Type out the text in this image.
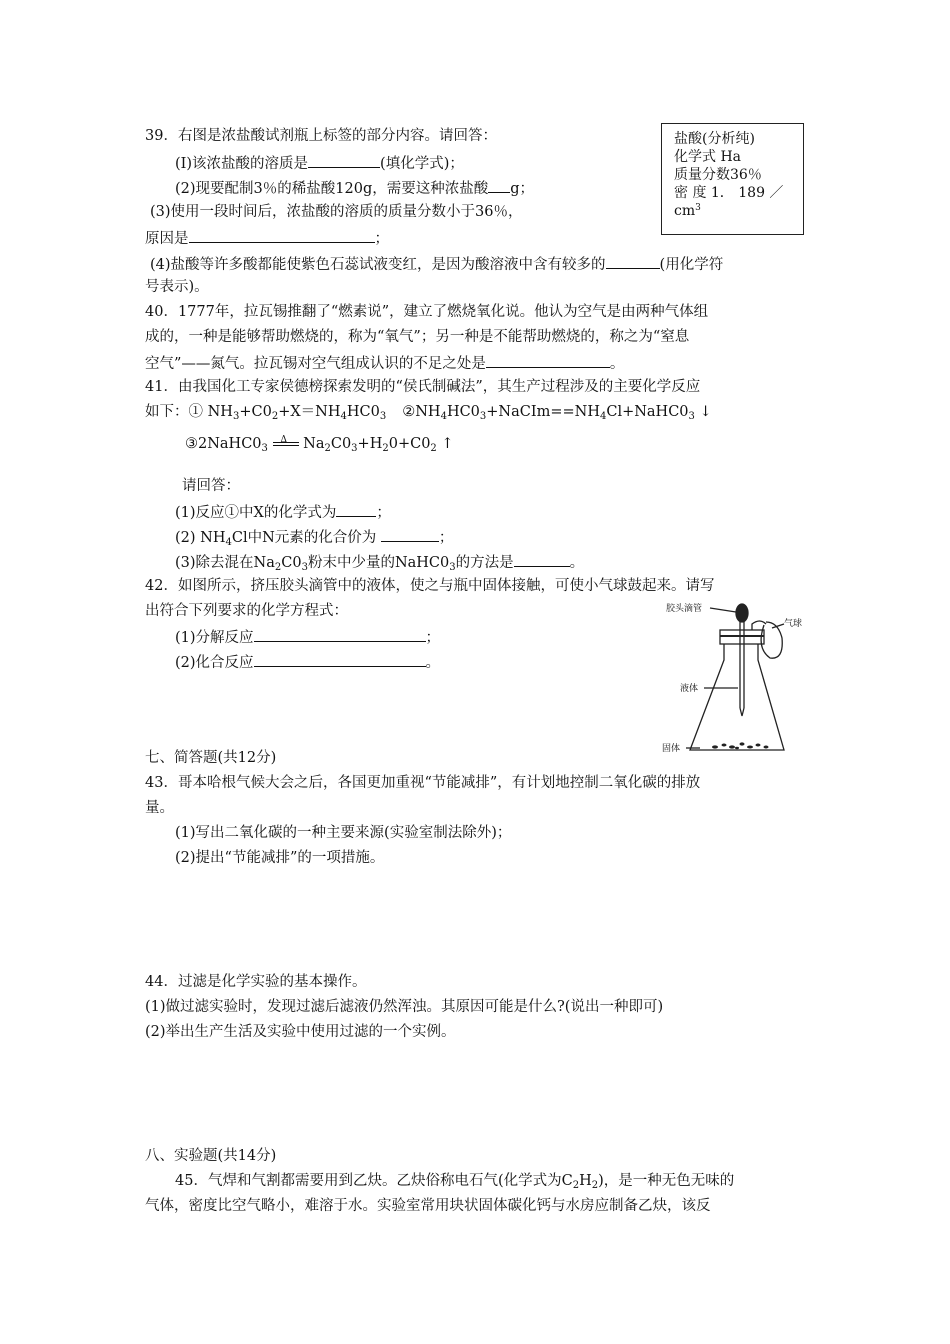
39．右图是浓盐酸试剂瓶上标签的部分内容。请回答：
(I)该浓盐酸的溶质是	(填化学式)；
(2)现要配制3％的稀盐酸120g，需要这种浓盐酸 g；
(3)使用一段时间后，浓盐酸的溶质的质量分数小于36％，
原因是	；
(4)盐酸等许多酸都能使紫色石蕊试液变红，是因为酸溶液中含有较多的	(用化学符
号表示)。
盐酸(分析纯)
化学式 Ha
质量分数36％
密 度 1． 189 ／
$cm^3$
40．1777年，拉瓦锡推翻了“燃素说”，建立了燃烧氧化说。他认为空气是由两种气体组
成的，一种是能够帮助燃烧的，称为“氧气”；另一种是不能帮助燃烧的，称之为“窒息
空气”——氮气。拉瓦锡对空气组成认识的不足之处是	。
41．由我国化工专家侯德榜探索发明的“侯氏制碱法”，其生产过程涉及的主要化学反应
如下：① $NH_3+C0_2+X=NH_4HC0_3$ $②NH_4HC0_3+NaCIm==NH_4Cl+NaHC0_3$ ↓
$③2NaHC0_3$
Δ $Na_2C0_3+H_20+C0_2$ ↑
请回答：
(1)反应①中X的化学式为	；
(2) $NH_4Cl$中N元素的化合价为	；
(3)除去混在$Na_2C0_3$粉末中少量的$NaHC0_3$的方法是	。
42．如图所示，挤压胶头滴管中的液体，使之与瓶中固体接触，可使小气球鼓起来。请写
出符合下列要求的化学方程式：
(1)分解反应	；
(2)化合反应	。
胶头滴管
气球
液体
固体
七、简答题(共12分)
43．哥本哈根气候大会之后，各国更加重视“节能减排”，有计划地控制二氧化碳的排放
量。
(1)写出二氧化碳的一种主要来源(实验室制法除外)；
(2)提出“节能减排”的一项措施。
44．过滤是化学实验的基本操作。
(1)做过滤实验时，发现过滤后滤液仍然浑浊。其原因可能是什么?(说出一种即可)
(2)举出生产生活及实验中使用过滤的一个实例。
八、实验题(共14分)
45．气焊和气割都需要用到乙炔。乙炔俗称电石气(化学式为$C_2H_2$)，是一种无色无味的
气体，密度比空气略小，难溶于水。实验室常用块状固体碳化钙与水房应制备乙炔，该反
